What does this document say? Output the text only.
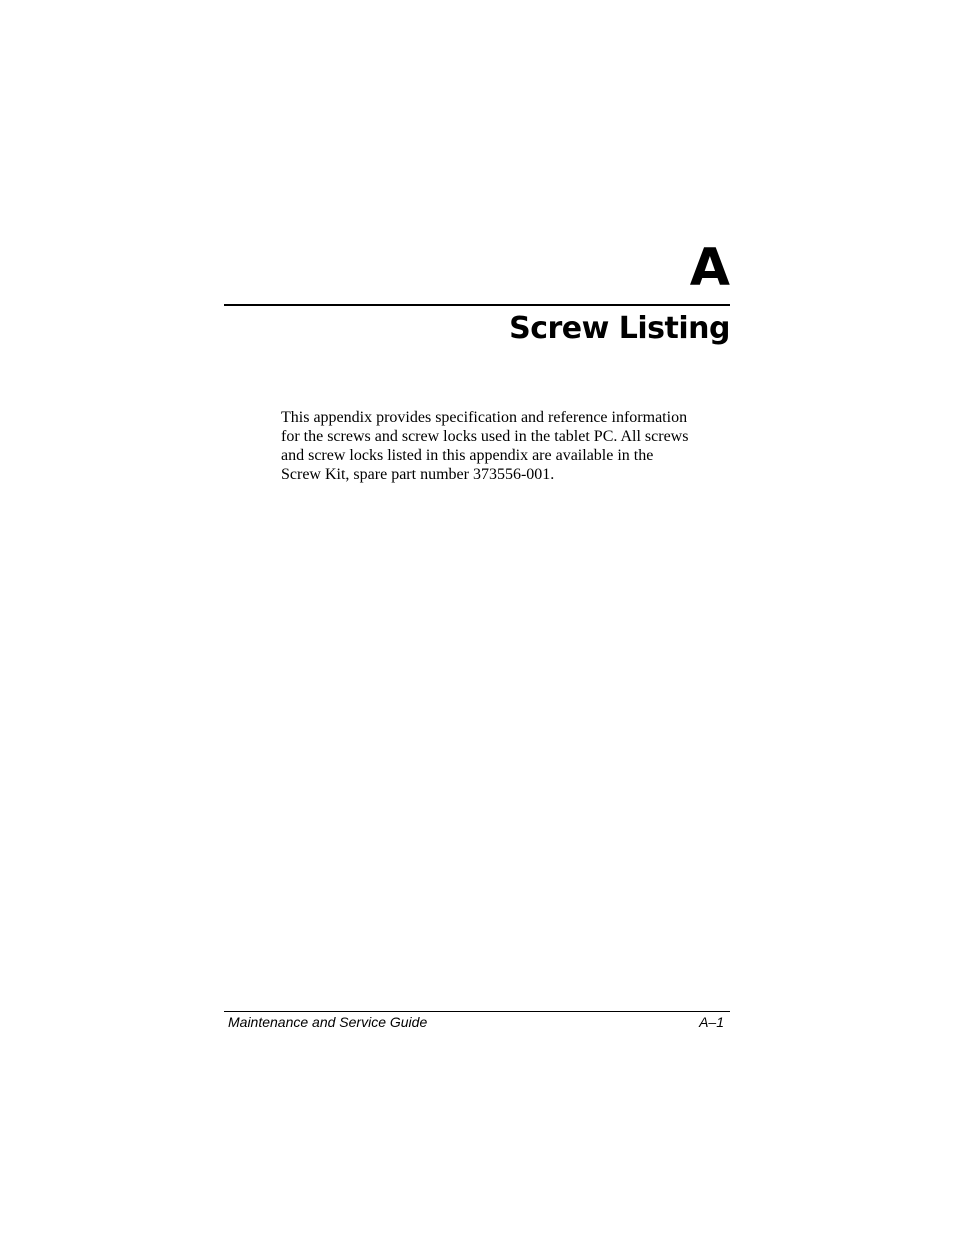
A
Screw Listing

This appendix provides specification and reference information
for the screws and screw locks used in the tablet PC. All screws
and screw locks listed in this appendix are available in the
Screw Kit, spare part number 373556-001.

Maintenance and Service Guide	A–1
